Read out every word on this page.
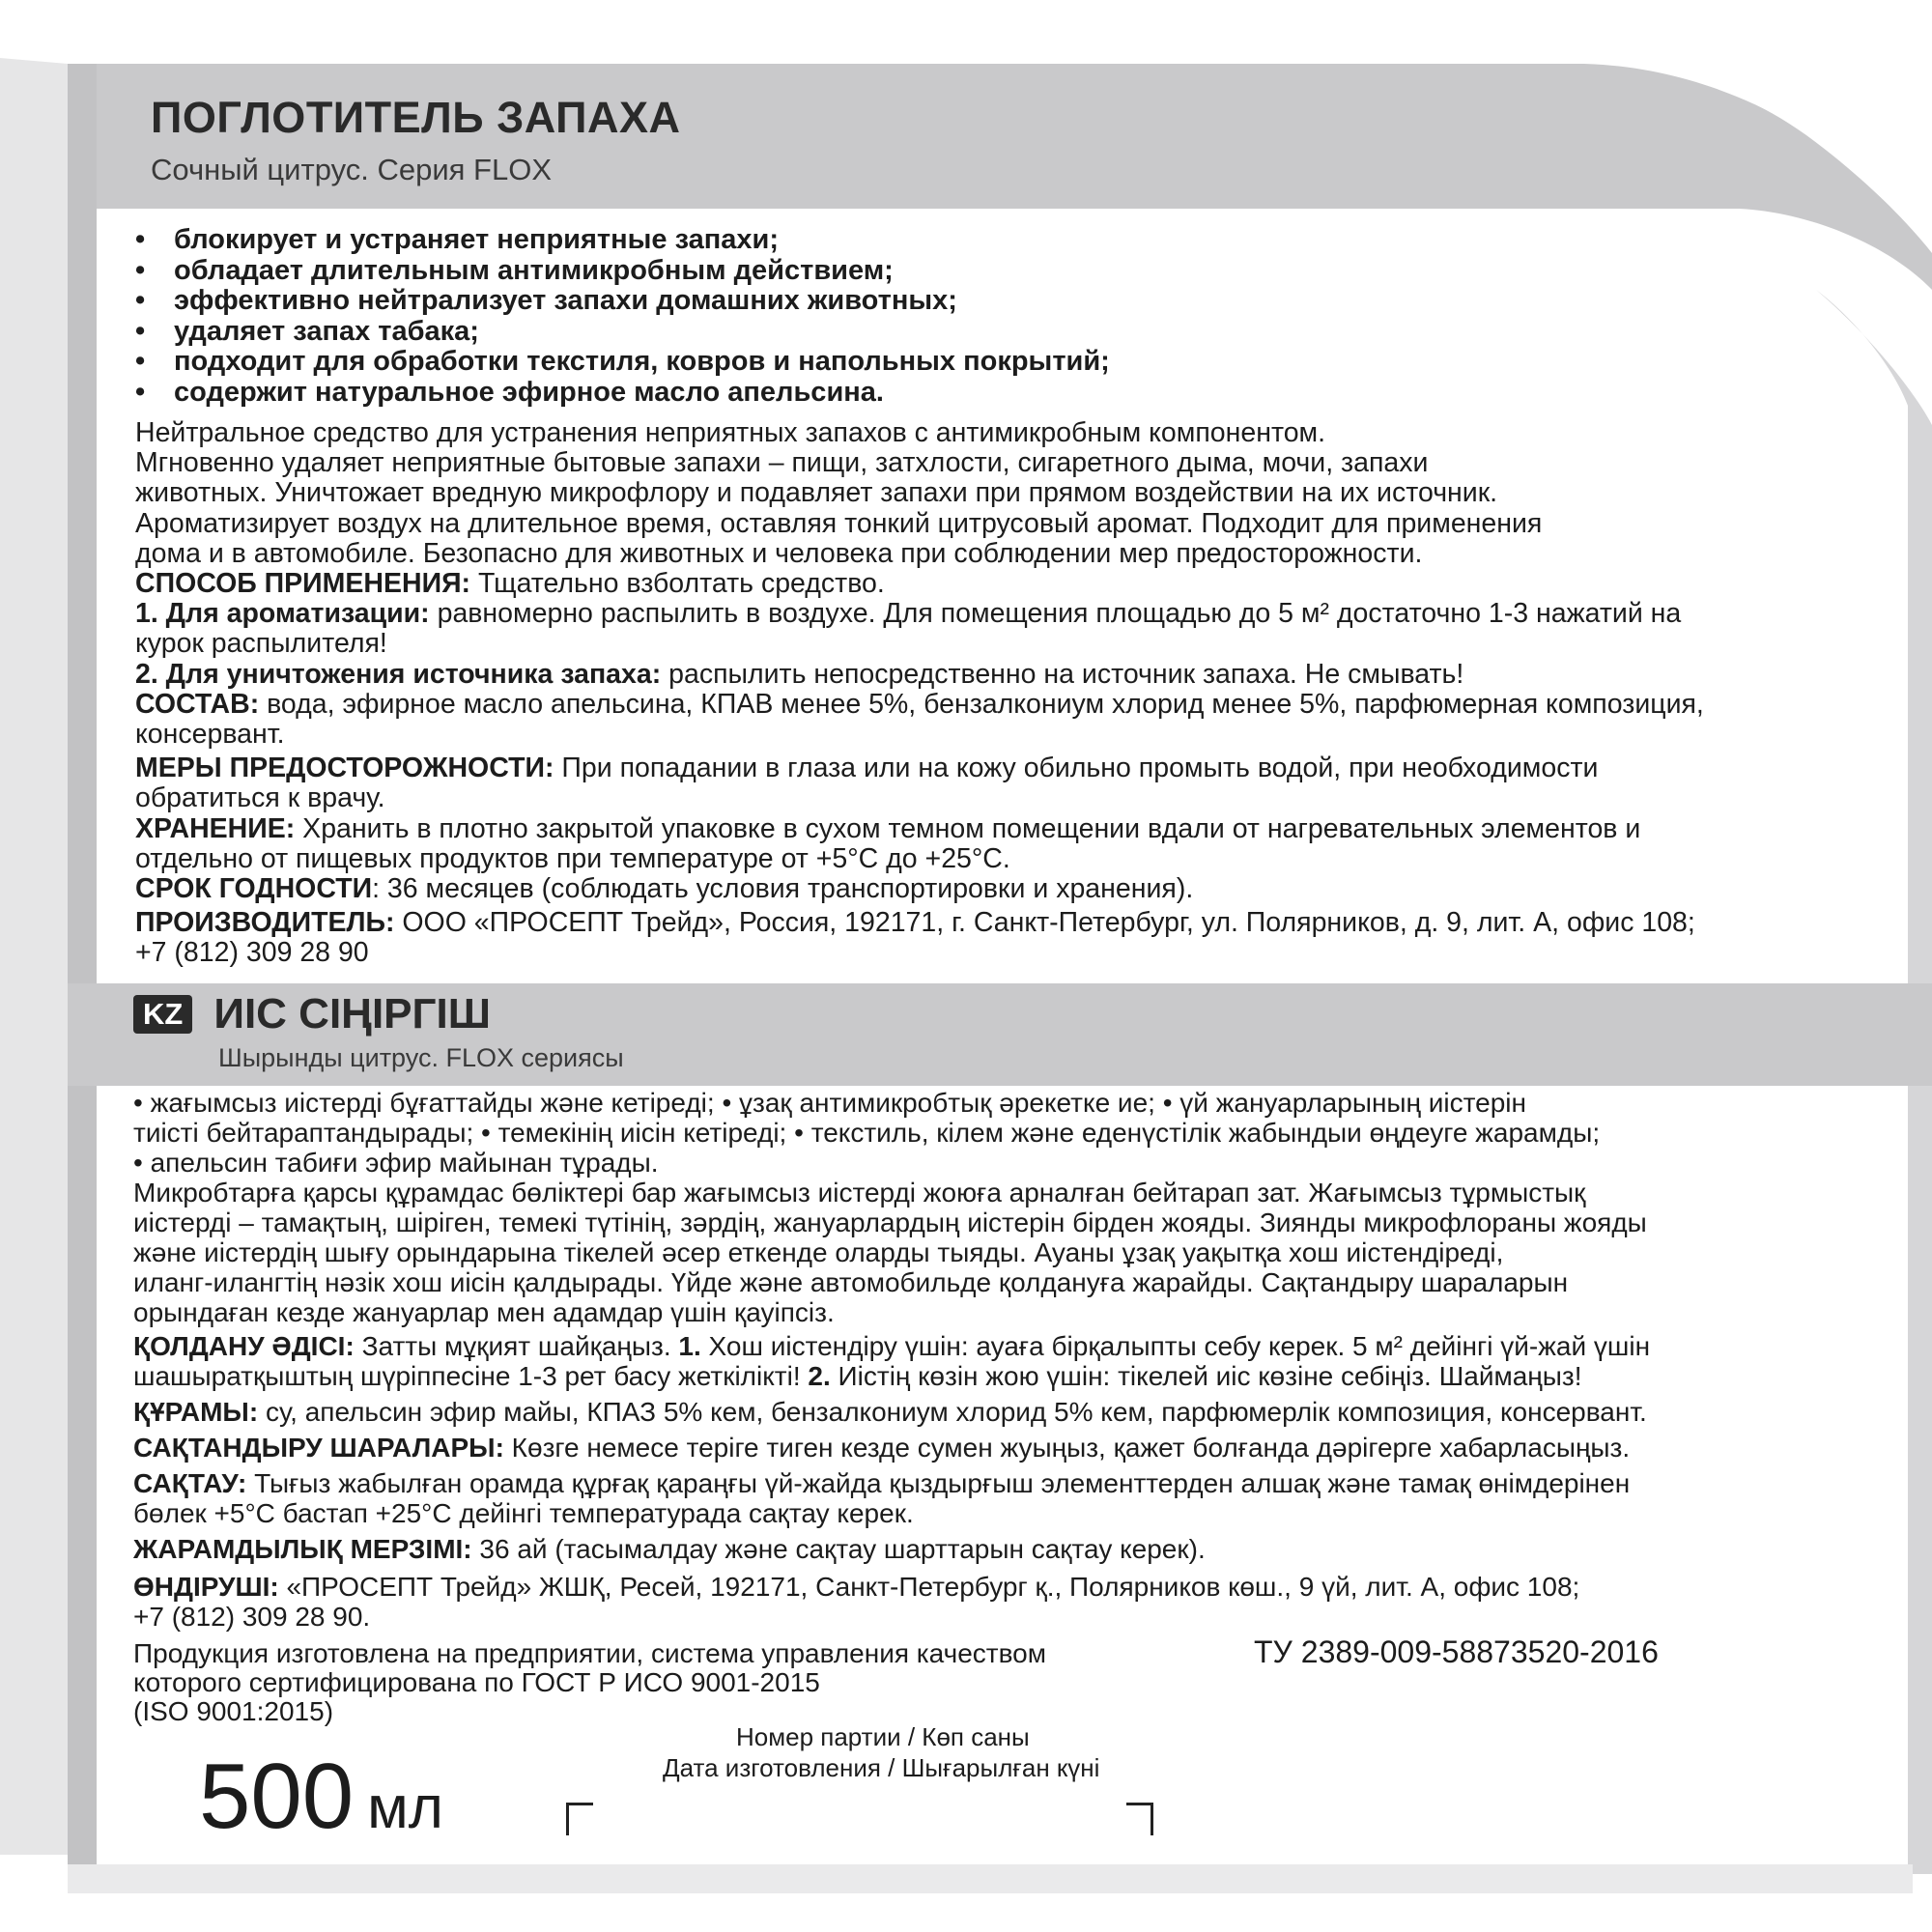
ПОГЛОТИТЕЛЬ ЗАПАХА
Сочный цитрус. Серия FLOX
• блокирует и устраняет неприятные запахи;
• обладает длительным антимикробным действием;
• эффективно нейтрализует запахи домашних животных;
• удаляет запах табака;
• подходит для обработки текстиля, ковров и напольных покрытий;
• содержит натуральное эфирное масло апельсина.

Нейтральное средство для устранения неприятных запахов с антимикробным компонентом.

Мгновенно удаляет неприятные бытовые запахи – пищи, затхлости, сигаретного дыма, мочи, запахи

животных. Уничтожает вредную микрофлору и подавляет запахи при прямом воздействии на их источник.

Ароматизирует воздух на длительное время, оставляя тонкий цитрусовый аромат. Подходит для применения

дома и в автомобиле. Безопасно для животных и человека при соблюдении мер предосторожности.

СПОСОБ ПРИМЕНЕНИЯ: Тщательно взболтать средство.

1. Для ароматизации: равномерно распылить в воздухе. Для помещения площадью до 5 м² достаточно 1-3 нажатий на

курок распылителя!

2. Для уничтожения источника запаха: распылить непосредственно на источник запаха. Не смывать!

СОСТАВ: вода, эфирное масло апельсина, КПАВ менее 5%, бензалкониум хлорид менее 5%, парфюмерная композиция,

консервант.

МЕРЫ ПРЕДОСТОРОЖНОСТИ: При попадании в глаза или на кожу обильно промыть водой, при необходимости

обратиться к врачу.

ХРАНЕНИЕ: Хранить в плотно закрытой упаковке в сухом темном помещении вдали от нагревательных элементов и

отдельно от пищевых продуктов при температуре от +5°С до +25°С.

СРОК ГОДНОСТИ: 36 месяцев (соблюдать условия транспортировки и хранения).

ПРОИЗВОДИТЕЛЬ: ООО «ПРОСЕПТ Трейд», Россия, 192171, г. Санкт-Петербург, ул. Полярников, д. 9, лит. А, офис 108;

+7 (812) 309 28 90

KZ ИІС СІҢІРГІШ
Шырынды цитрус. FLOX сериясы

• жағымсыз иістерді бұғаттайды және кетіреді; • ұзақ антимикробтық әрекетке ие; • үй жануарларының иістерін

тиісті бейтараптандырады; • темекінің иісін кетіреді; • текстиль, кілем және еденүстілік жабындыи өңдеуге жарамды;

• апельсин табиғи эфир майынан тұрады.

Микробтарға қарсы құрамдас бөліктері бар жағымсыз иістерді жоюға арналған бейтарап зат. Жағымсыз тұрмыстық

иістерді – тамақтың, шіріген, темекі түтінің, зәрдің, жануарлардың иістерін бірден жояды. Зиянды микрофлораны жояды

және иістердің шығу орындарына тікелей әсер еткенде оларды тыяды. Ауаны ұзақ уақытқа хош иістендіреді,

иланг-илангтің нәзік хош иісін қалдырады. Үйде және автомобильде қолдануға жарайды. Сақтандыру шараларын

орындаған кезде жануарлар мен адамдар үшін қауіпсіз.

ҚОЛДАНУ ӘДІСІ: Затты мұқият шайқаңыз. 1. Хош иістендіру үшін: ауаға бірқалыпты себу керек. 5 м² дейінгі үй-жай үшін

шашыратқыштың шүріппесіне 1-3 рет басу жеткілікті! 2. Иістің көзін жою үшін: тікелей иіс көзіне себіңіз. Шаймаңыз!

ҚҰРАМЫ: су, апельсин эфир майы, КПАЗ 5% кем, бензалкониум хлорид 5% кем, парфюмерлік композиция, консервант.

САҚТАНДЫРУ ШАРАЛАРЫ: Көзге немесе теріге тиген кезде сумен жуыңыз, қажет болғанда дәрігерге хабарласыңыз.

САҚТАУ: Тығыз жабылған орамда құрғақ қараңғы үй-жайда қыздырғыш элементтерден алшақ және тамақ өнімдерінен

бөлек +5°С бастап +25°С дейінгі температурада сақтау керек.

ЖАРАМДЫЛЫҚ МЕРЗІМІ: 36 ай (тасымалдау және сақтау шарттарын сақтау керек).

ӨНДІРУШІ: «ПРОСЕПТ Трейд» ЖШҚ, Ресей, 192171, Санкт-Петербург қ., Полярников көш., 9 үй, лит. А, офис 108;

+7 (812) 309 28 90.

Продукция изготовлена на предприятии, система управления качеством

которого сертифицирована по ГОСТ Р ИСО 9001-2015

(ISO 9001:2015)

ТУ 2389-009-58873520-2016
Номер партии / Көп саны
Дата изготовления / Шығарылған күні
500 мл
